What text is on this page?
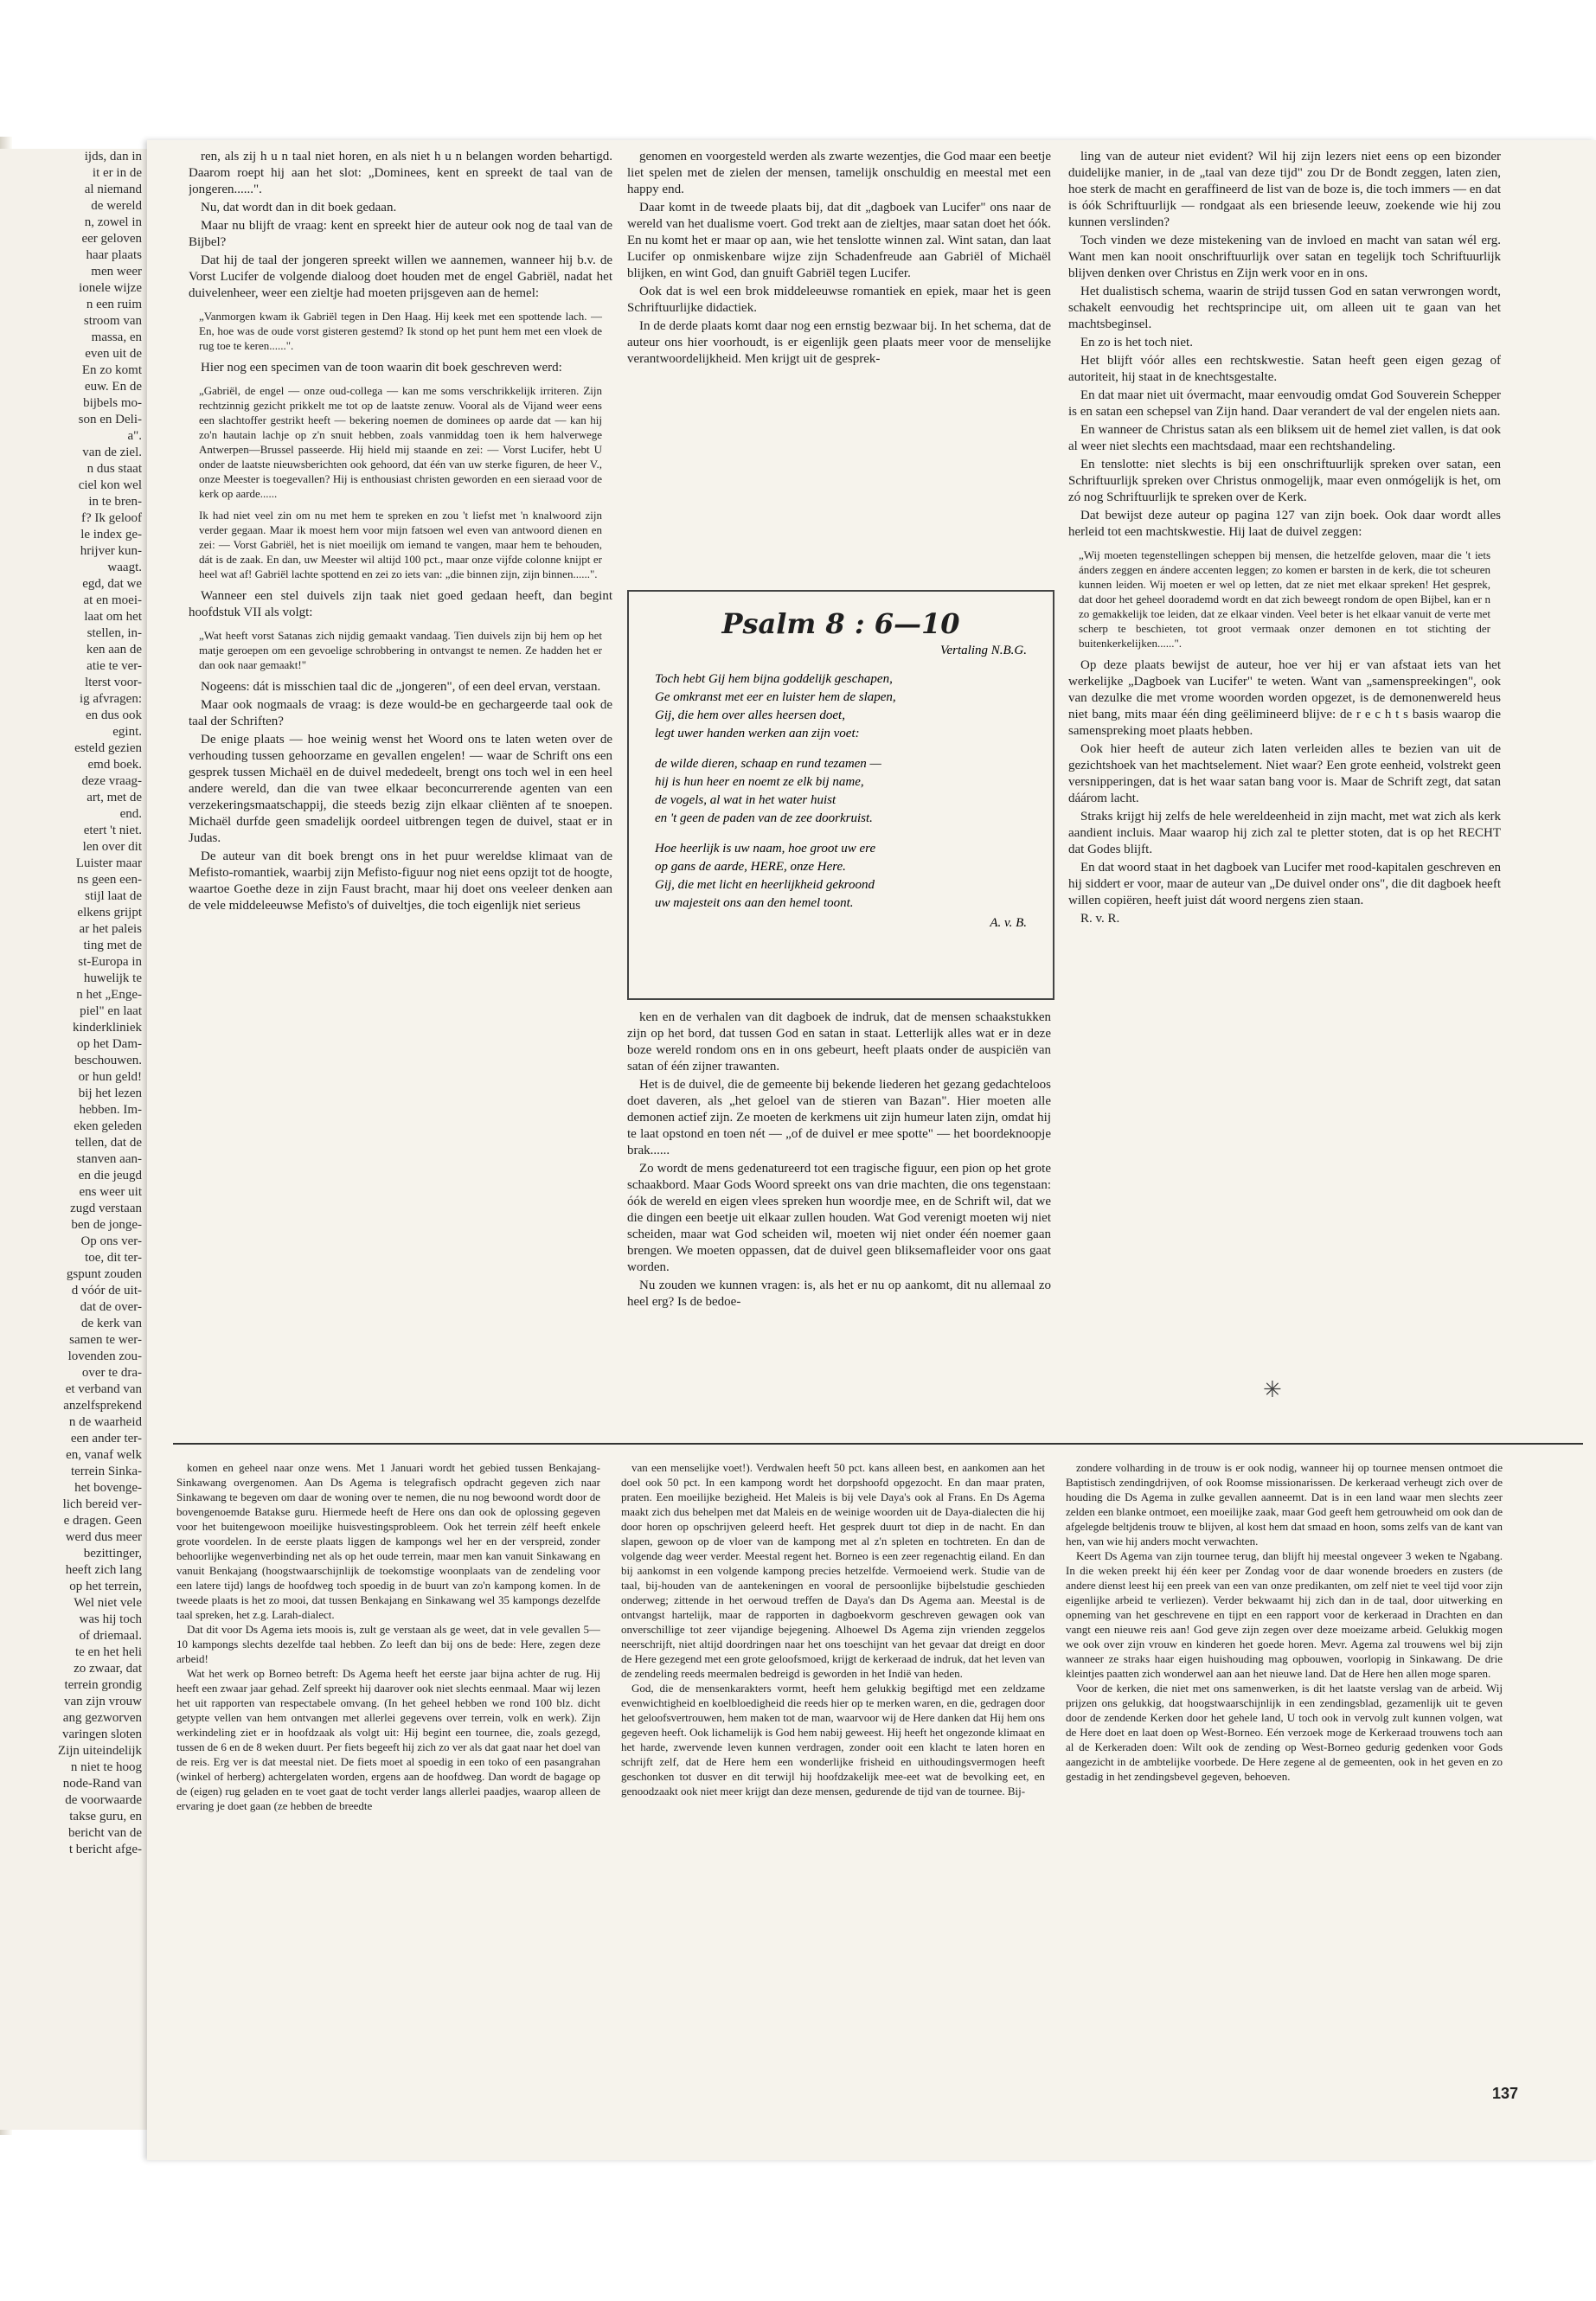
ijds, dan in
it er in de
al niemand
de wereld
n, zowel in
eer geloven
haar plaats
men weer
ionele wijze
n een ruim
stroom van
massa, en
even uit de
En zo komt
euw. En de
bijbels mo-
son en Deli-
a".
van de ziel.
n dus staat
ciel kon wel
in te bren-
f? Ik geloof
le index ge-
hrijver kun-
waagt.
egd, dat we
at en moei-
laat om het
stellen, in-
ken aan de
atie te ver-
lterst voor-
ig afvragen:
en dus ook
egint.
esteld gezien
emd boek.
deze vraag-
art, met de
end.
etert 't niet.
len over dit
Luister maar
ns geen een-
stijl laat de
elkens grijpt
ar het paleis
ting met de
st-Europa in
huwelijk te
n het „Enge-
piel" en laat
kinderkliniek
op het Dam-
beschouwen.
or hun geld!
bij het lezen
hebben. Im-
eken geleden
tellen, dat de
stanven aan-
en die jeugd
ens weer uit
zugd verstaan
ben de jonge-
Op ons ver-
toe, dit ter-
gspunt zouden
d vóór de uit-
dat de over-
de kerk van
samen te wer-
lovenden zou-
over te dra-
et verband van
anzelfsprekend
n de waarheid
een ander ter-
en, vanaf welk
terrein Sinka-
het bovenge-
lich bereid ver-
e dragen. Geen
werd dus meer
bezittinger,
heeft zich lang
op het terrein,
Wel niet vele
was hij toch
of driemaal.
te en het heli
zo zwaar, dat
terrein grondig
van zijn vrouw
ang gezworven
varingen sloten
Zijn uiteindelijk
n niet te hoog
node-Rand van
de voorwaarde
takse guru, en
bericht van de
t bericht afge-

ren, als zij h u n taal niet horen, en als niet h u n belangen worden behartigd. Daarom roept hij aan het slot: „Dominees, kent en spreekt de taal van de jongeren......".

Nu, dat wordt dan in dit boek gedaan.

Maar nu blijft de vraag: kent en spreekt hier de auteur ook nog de taal van de Bijbel?

Dat hij de taal der jongeren spreekt willen we aannemen, wanneer hij b.v. de Vorst Lucifer de volgende dialoog doet houden met de engel Gabriël, nadat het duivelenheer, weer een zieltje had moeten prijsgeven aan de hemel:

„Vanmorgen kwam ik Gabriël tegen in Den Haag. Hij keek met een spottende lach. — En, hoe was de oude vorst gisteren gestemd? Ik stond op het punt hem met een vloek de rug toe te keren......".

Hier nog een specimen van de toon waarin dit boek geschreven werd:

„Gabriël, de engel — onze oud-collega — kan me soms verschrikkelijk irriteren. Zijn rechtzinnig gezicht prikkelt me tot op de laatste zenuw. Vooral als de Vijand weer eens een slachtoffer gestrikt heeft — bekering noemen de dominees op aarde dat — kan hij zo'n hautain lachje op z'n snuit hebben, zoals vanmiddag toen ik hem halverwege Antwerpen—Brussel passeerde. Hij hield mij staande en zei: — Vorst Lucifer, hebt U onder de laatste nieuwsberichten ook gehoord, dat één van uw sterke figuren, de heer V., onze Meester is toegevallen? Hij is enthousiast christen geworden en een sieraad voor de kerk op aarde......

Ik had niet veel zin om nu met hem te spreken en zou 't liefst met 'n knalwoord zijn verder gegaan. Maar ik moest hem voor mijn fatsoen wel even van antwoord dienen en zei: — Vorst Gabriël, het is niet moeilijk om iemand te vangen, maar hem te behouden, dát is de zaak. En dan, uw Meester wil altijd 100 pct., maar onze vijfde colonne knijpt er heel wat af! Gabriël lachte spottend en zei zo iets van: „die binnen zijn, zijn binnen......".

Wanneer een stel duivels zijn taak niet goed gedaan heeft, dan begint hoofdstuk VII als volgt:

„Wat heeft vorst Satanas zich nijdig gemaakt vandaag. Tien duivels zijn bij hem op het matje geroepen om een gevoelige schrobbering in ontvangst te nemen. Ze hadden het er dan ook naar gemaakt!"

Nogeens: dát is misschien taal dic de „jongeren", of een deel ervan, verstaan.

Maar ook nogmaals de vraag: is deze would-be en gechargeerde taal ook de taal der Schriften?

De enige plaats — hoe weinig wenst het Woord ons te laten weten over de verhouding tussen gehoorzame en gevallen engelen! — waar de Schrift ons een gesprek tussen Michaël en de duivel mededeelt, brengt ons toch wel in een heel andere wereld, dan die van twee elkaar beconcurrerende agenten van een verzekeringsmaatschappij, die steeds bezig zijn elkaar cliënten af te snoepen. Michaël durfde geen smadelijk oordeel uitbrengen tegen de duivel, staat er in Judas.

De auteur van dit boek brengt ons in het puur wereldse klimaat van de Mefisto-romantiek, waarbij zijn Mefisto-figuur nog niet eens opzijt tot de hoogte, waartoe Goethe deze in zijn Faust bracht, maar hij doet ons veeleer denken aan de vele middeleeuwse Mefisto's of duiveltjes, die toch eigenlijk niet serieus

genomen en voorgesteld werden als zwarte wezentjes, die God maar een beetje liet spelen met de zielen der mensen, tamelijk onschuldig en meestal met een happy end.

Daar komt in de tweede plaats bij, dat dit „dagboek van Lucifer" ons naar de wereld van het dualisme voert. God trekt aan de zieltjes, maar satan doet het óók. En nu komt het er maar op aan, wie het tenslotte winnen zal. Wint satan, dan laat Lucifer op onmiskenbare wijze zijn Schadenfreude aan Gabriël of Michaël blijken, en wint God, dan gnuift Gabriël tegen Lucifer.

Ook dat is wel een brok middeleeuwse romantiek en epiek, maar het is geen Schriftuurlijke didactiek.

In de derde plaats komt daar nog een ernstig bezwaar bij. In het schema, dat de auteur ons hier voorhoudt, is er eigenlijk geen plaats meer voor de menselijke verantwoordelijkheid. Men krijgt uit de gesprek-

Psalm 8 : 6—10
Vertaling N.B.G.
Toch hebt Gij hem bijna goddelijk geschapen,
Ge omkranst met eer en luister hem de slapen,
Gij, die hem over alles heersen doet,
legt uwer handen werken aan zijn voet:
de wilde dieren, schaap en rund tezamen —
hij is hun heer en noemt ze elk bij name,
de vogels, al wat in het water huist
en 't geen de paden van de zee doorkruist.
Hoe heerlijk is uw naam, hoe groot uw ere
op gans de aarde, HERE, onze Here.
Gij, die met licht en heerlijkheid gekroond
uw majesteit ons aan den hemel toont.
A. v. B.

ken en de verhalen van dit dagboek de indruk, dat de mensen schaakstukken zijn op het bord, dat tussen God en satan in staat. Letterlijk alles wat er in deze boze wereld rondom ons en in ons gebeurt, heeft plaats onder de auspiciën van satan of één zijner trawanten.

Het is de duivel, die de gemeente bij bekende liederen het gezang gedachteloos doet daveren, als „het geloel van de stieren van Bazan". Hier moeten alle demonen actief zijn. Ze moeten de kerkmens uit zijn humeur laten zijn, omdat hij te laat opstond en toen nét — „of de duivel er mee spotte" — het boordeknoopje brak......

Zo wordt de mens gedenatureerd tot een tragische figuur, een pion op het grote schaakbord. Maar Gods Woord spreekt ons van drie machten, die ons tegenstaan: óók de wereld en eigen vlees spreken hun woordje mee, en de Schrift wil, dat we die dingen een beetje uit elkaar zullen houden. Wat God verenigt moeten wij niet scheiden, maar wat God scheiden wil, moeten wij niet onder één noemer gaan brengen. We moeten oppassen, dat de duivel geen bliksemafleider voor ons gaat worden.

Nu zouden we kunnen vragen: is, als het er nu op aankomt, dit nu allemaal zo heel erg? Is de bedoe-

ling van de auteur niet evident? Wil hij zijn lezers niet eens op een bizonder duidelijke manier, in de „taal van deze tijd" zou Dr de Bondt zeggen, laten zien, hoe sterk de macht en geraffineerd de list van de boze is, die toch immers — en dat is óók Schriftuurlijk — rondgaat als een briesende leeuw, zoekende wie hij zou kunnen verslinden?

Toch vinden we deze mistekening van de invloed en macht van satan wél erg. Want men kan nooit onschriftuurlijk over satan en tegelijk toch Schriftuurlijk blijven denken over Christus en Zijn werk voor en in ons.

Het dualistisch schema, waarin de strijd tussen God en satan verwrongen wordt, schakelt eenvoudig het rechtsprincipe uit, om alleen uit te gaan van het machtsbeginsel.

En zo is het toch niet.

Het blijft vóór alles een rechtskwestie. Satan heeft geen eigen gezag of autoriteit, hij staat in de knechtsgestalte.

En dat maar niet uit óvermacht, maar eenvoudig omdat God Souverein Schepper is en satan een schepsel van Zijn hand. Daar verandert de val der engelen niets aan.

En wanneer de Christus satan als een bliksem uit de hemel ziet vallen, is dat ook al weer niet slechts een machtsdaad, maar een rechtshandeling.

En tenslotte: niet slechts is bij een onschriftuurlijk spreken over satan, een Schriftuurlijk spreken over Christus onmogelijk, maar even onmógelijk is het, om zó nog Schriftuurlijk te spreken over de Kerk.

Dat bewijst deze auteur op pagina 127 van zijn boek. Ook daar wordt alles herleid tot een machtskwestie. Hij laat de duivel zeggen:

„Wij moeten tegenstellingen scheppen bij mensen, die hetzelfde geloven, maar die 't iets ánders zeggen en ándere accenten leggen; zo komen er barsten in de kerk, die tot scheuren kunnen leiden. Wij moeten er wel op letten, dat ze niet met elkaar spreken! Het gesprek, dat door het geheel doorademd wordt en dat zich beweegt rondom de open Bijbel, kan er n zo gemakkelijk toe leiden, dat ze elkaar vinden. Veel beter is het elkaar vanuit de verte met scherp te beschieten, tot groot vermaak onzer demonen en tot stichting der buitenkerkelijken......".

Op deze plaats bewijst de auteur, hoe ver hij er van afstaat iets van het werkelijke „Dagboek van Lucifer" te weten. Want van „samenspreekingen", ook van dezulke die met vrome woorden worden opgezet, is de demonenwereld heus niet bang, mits maar één ding geëlimineerd blijve: de r e c h t s basis waarop die samenspreking moet plaats hebben.

Ook hier heeft de auteur zich laten verleiden alles te bezien van uit de gezichtshoek van het machtselement. Niet waar? Een grote eenheid, volstrekt geen versnipperingen, dat is het waar satan bang voor is. Maar de Schrift zegt, dat satan dáárom lacht.

Straks krijgt hij zelfs de hele wereldeenheid in zijn macht, met wat zich als kerk aandient incluis. Maar waarop hij zich zal te pletter stoten, dat is op het RECHT dat Godes blijft.

En dat woord staat in het dagboek van Lucifer met rood-kapitalen geschreven en hij siddert er voor, maar de auteur van „De duivel onder ons", die dit dagboek heeft willen copiëren, heeft juist dát woord nergens zien staan.

R. v. R.

✳

komen en geheel naar onze wens. Met 1 Januari wordt het gebied tussen Benkajang-Sinkawang overgenomen. Aan Ds Agema is telegrafisch opdracht gegeven zich naar Sinkawang te begeven om daar de woning over te nemen, die nu nog bewoond wordt door de bovengenoemde Batakse guru. Hiermede heeft de Here ons dan ook de oplossing gegeven voor het buitengewoon moeilijke huisvestingsprobleem. Ook het terrein zélf heeft enkele grote voordelen. In de eerste plaats liggen de kampongs wel her en der verspreid, zonder behoorlijke wegenverbinding net als op het oude terrein, maar men kan vanuit Sinkawang en vanuit Benkajang (hoogstwaarschijnlijk de toekomstige woonplaats van de zendeling voor een latere tijd) langs de hoofdweg toch spoedig in de buurt van zo'n kampong komen. In de tweede plaats is het zo mooi, dat tussen Benkajang en Sinkawang wel 35 kampongs dezelfde taal spreken, het z.g. Larah-dialect.

Dat dit voor Ds Agema iets moois is, zult ge verstaan als ge weet, dat in vele gevallen 5—10 kampongs slechts dezelfde taal hebben. Zo leeft dan bij ons de bede: Here, zegen deze arbeid!

Wat het werk op Borneo betreft: Ds Agema heeft het eerste jaar bijna achter de rug. Hij heeft een zwaar jaar gehad. Zelf spreekt hij daarover ook niet slechts eenmaal. Maar wij lezen het uit rapporten van respectabele omvang. (In het geheel hebben we rond 100 blz. dicht getypte vellen van hem ontvangen met allerlei gegevens over terrein, volk en werk). Zijn werkindeling ziet er in hoofdzaak als volgt uit: Hij begint een tournee, die, zoals gezegd, tussen de 6 en de 8 weken duurt. Per fiets begeeft hij zich zo ver als dat gaat naar het doel van de reis. Erg ver is dat meestal niet. De fiets moet al spoedig in een toko of een pasangrahan (winkel of herberg) achtergelaten worden, ergens aan de hoofdweg. Dan wordt de bagage op de (eigen) rug geladen en te voet gaat de tocht verder langs allerlei paadjes, waarop alleen de ervaring je doet gaan (ze hebben de breedte

van een menselijke voet!). Verdwalen heeft 50 pct. kans alleen best, en aankomen aan het doel ook 50 pct. In een kampong wordt het dorpshoofd opgezocht. En dan maar praten, praten. Een moeilijke bezigheid. Het Maleis is bij vele Daya's ook al Frans. En Ds Agema maakt zich dus behelpen met dat Maleis en de weinige woorden uit de Daya-dialecten die hij door horen op opschrijven geleerd heeft. Het gesprek duurt tot diep in de nacht. En dan slapen, gewoon op de vloer van de kampong met al z'n spleten en tochtreten. En dan de volgende dag weer verder. Meestal regent het. Borneo is een zeer regenachtig eiland. En dan bij aankomst in een volgende kampong precies hetzelfde. Vermoeiend werk. Studie van de taal, bij-houden van de aantekeningen en vooral de persoonlijke bijbelstudie geschieden onderweg; zittende in het oerwoud treffen de Daya's dan Ds Agema aan. Meestal is de ontvangst hartelijk, maar de rapporten in dagboekvorm geschreven gewagen ook van onverschillige tot zeer vijandige bejegening. Alhoewel Ds Agema zijn vrienden zeggelos neerschrijft, niet altijd doordringen naar het ons toeschijnt van het gevaar dat dreigt en door de Here gezegend met een grote geloofsmoed, krijgt de kerkeraad de indruk, dat het leven van de zendeling reeds meermalen bedreigd is geworden in het Indië van heden.

God, die de mensenkarakters vormt, heeft hem gelukkig begiftigd met een zeldzame evenwichtigheid en koelbloedigheid die reeds hier op te merken waren, en die, gedragen door het geloofsvertrouwen, hem maken tot de man, waarvoor wij de Here danken dat Hij hem ons gegeven heeft. Ook lichamelijk is God hem nabij geweest. Hij heeft het ongezonde klimaat en het harde, zwervende leven kunnen verdragen, zonder ooit een klacht te laten horen en schrijft zelf, dat de Here hem een wonderlijke frisheid en uithoudingsvermogen heeft geschonken tot dusver en dit terwijl hij hoofdzakelijk mee-eet wat de bevolking eet, en genoodzaakt ook niet meer krijgt dan deze mensen, gedurende de tijd van de tournee. Bij-

zondere volharding in de trouw is er ook nodig, wanneer hij op tournee mensen ontmoet die Baptistisch zendingdrijven, of ook Roomse missionarissen. De kerkeraad verheugt zich over de houding die Ds Agema in zulke gevallen aanneemt. Dat is in een land waar men slechts zeer zelden een blanke ontmoet, een moeilijke zaak, maar God geeft hem getrouwheid om ook dan de afgelegde beltjdenis trouw te blijven, al kost hem dat smaad en hoon, soms zelfs van de kant van hen, van wie hij anders mocht verwachten.

Keert Ds Agema van zijn tournee terug, dan blijft hij meestal ongeveer 3 weken te Ngabang. In die weken preekt hij één keer per Zondag voor de daar wonende broeders en zusters (de andere dienst leest hij een preek van een van onze predikanten, om zelf niet te veel tijd voor zijn eigenlijke arbeid te verliezen). Verder bekwaamt hij zich dan in de taal, door uitwerking en opneming van het geschrevene en tijpt en een rapport voor de kerkeraad in Drachten en dan vangt een nieuwe reis aan! God geve zijn zegen over deze moeizame arbeid. Gelukkig mogen we ook over zijn vrouw en kinderen het goede horen. Mevr. Agema zal trouwens wel bij zijn wanneer ze straks haar eigen huishouding mag opbouwen, voorlopig in Sinkawang. De drie kleintjes paatten zich wonderwel aan aan het nieuwe land. Dat de Here hen allen moge sparen.

Voor de kerken, die niet met ons samenwerken, is dit het laatste verslag van de arbeid. Wij prijzen ons gelukkig, dat hoogstwaarschijnlijk in een zendingsblad, gezamenlijk uit te geven door de zendende Kerken door het gehele land, U toch ook in vervolg zult kunnen volgen, wat de Here doet en laat doen op West-Borneo. Eén verzoek moge de Kerkeraad trouwens toch aan al de Kerkeraden doen: Wilt ook de zending op West-Borneo gedurig gedenken voor Gods aangezicht in de ambtelijke voorbede. De Here zegene al de gemeenten, ook in het geven en zo gestadig in het zendingsbevel gegeven, behoeven.

137
